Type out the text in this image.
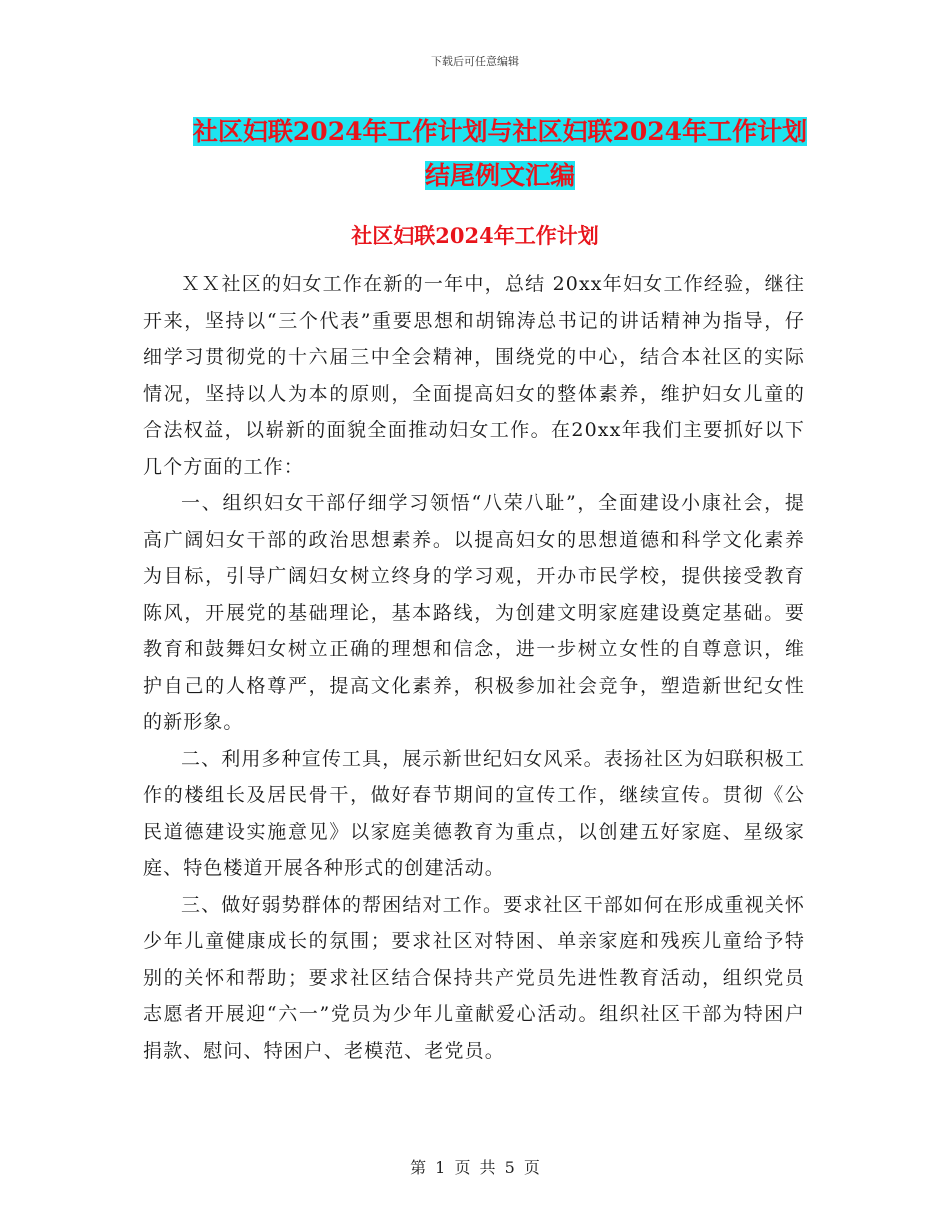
下载后可任意编辑
社区妇联2024年工作计划与社区妇联2024年工作计划结尾例文汇编
社区妇联2024年工作计划

ＸＸ社区的妇女工作在新的一年中，总结 20xx年妇女工作经验，继往开来，坚持以“三个代表”重要思想和胡锦涛总书记的讲话精神为指导，仔细学习贯彻党的十六届三中全会精神，围绕党的中心，结合本社区的实际情况，坚持以人为本的原则，全面提高妇女的整体素养，维护妇女儿童的合法权益，以崭新的面貌全面推动妇女工作。在20xx年我们主要抓好以下几个方面的工作：

一、组织妇女干部仔细学习领悟“八荣八耻”，全面建设小康社会，提高广阔妇女干部的政治思想素养。以提高妇女的思想道德和科学文化素养为目标，引导广阔妇女树立终身的学习观，开办市民学校，提供接受教育陈风，开展党的基础理论，基本路线，为创建文明家庭建设奠定基础。要教育和鼓舞妇女树立正确的理想和信念，进一步树立女性的自尊意识，维护自己的人格尊严，提高文化素养，积极参加社会竞争，塑造新世纪女性的新形象。

二、利用多种宣传工具，展示新世纪妇女风采。表扬社区为妇联积极工作的楼组长及居民骨干，做好春节期间的宣传工作，继续宣传。贯彻《公民道德建设实施意见》以家庭美德教育为重点，以创建五好家庭、星级家庭、特色楼道开展各种形式的创建活动。

三、做好弱势群体的帮困结对工作。要求社区干部如何在形成重视关怀少年儿童健康成长的氛围；要求社区对特困、单亲家庭和残疾儿童给予特别的关怀和帮助；要求社区结合保持共产党员先进性教育活动，组织党员志愿者开展迎“六一”党员为少年儿童献爱心活动。组织社区干部为特困户捐款、慰问、特困户、老模范、老党员。

第 1 页 共 5 页
